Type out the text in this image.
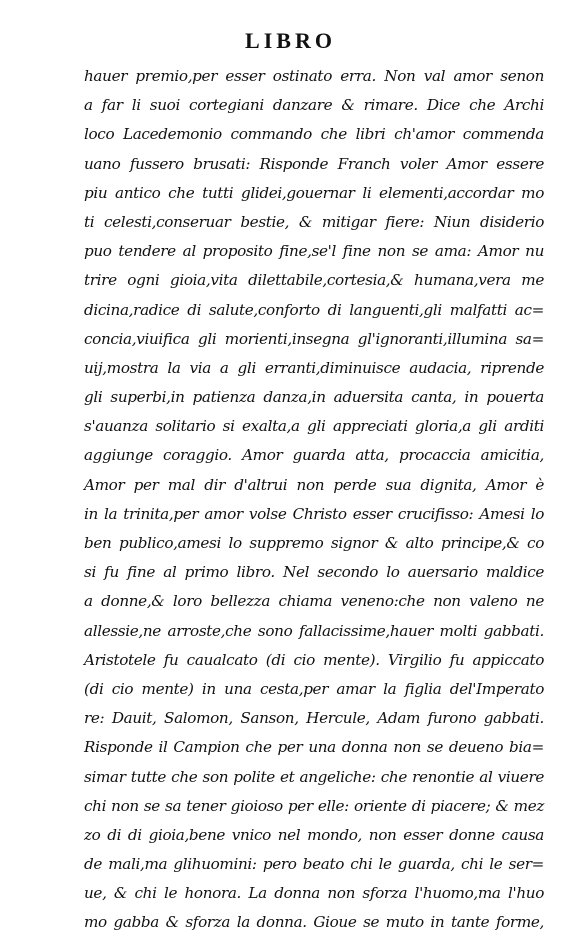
LIBRO
hauer premio,per esser ostinato erra. Non val amor senon
a far li suoi cortegiani danzare & rimare. Dice che Archi
loco Lacedemonio commando che libri ch'amor commenda
uano fussero brusati: Risponde Franch voler Amor essere
piu antico che tutti glidei,gouernar li elementi,accordar mo
ti celesti,conseruar bestie, & mitigar fiere: Niun disiderio
puo tendere al proposito fine,se'l fine non se ama: Amor nu
trire ogni gioia,vita dilettabile,cortesia,& humana,vera me
dicina,radice di salute,conforto di languenti,gli malfatti ac=
concia,viuifica gli morienti,insegna gl'ignoranti,illumina sa=
uij,mostra la via a gli erranti,diminuisce audacia, riprende
gli superbi,in patienza danza,in aduersita canta, in pouerta
s'auanza solitario si exalta,a gli appreciati gloria,a gli arditi
aggiunge coraggio. Amor guarda atta, procaccia amicitia,
Amor per mal dir d'altrui non perde sua dignita, Amor è
in la trinita,per amor volse Christo esser crucifisso: Amesi lo
ben publico,amesi lo suppremo signor & alto principe,& co
si fu fine al primo libro. Nel secondo lo auersario maldice
a donne,& loro bellezza chiama veneno:che non valeno ne
allessie,ne arroste,che sono fallacissime,hauer molti gabbati.
Aristotele fu caualcato (di cio mente). Virgilio fu appiccato
(di cio mente) in una cesta,per amar la figlia del'Imperato
re: Dauit, Salomon, Sanson, Hercule, Adam furono gabbati.
Risponde il Campion che per una donna non se deueno bia=
simar tutte che son polite et angeliche: che renontie al viuere
chi non se sa tener gioioso per elle: oriente di piacere; & mez
zo di di gioia,bene vnico nel mondo, non esser donne causa
de mali,ma glihuomini: pero beato chi le guarda, chi le ser=
ue, & chi le honora. La donna non sforza l'huomo,ma l'huo
mo gabba & sforza la donna. Gioue se muto in tante forme,
